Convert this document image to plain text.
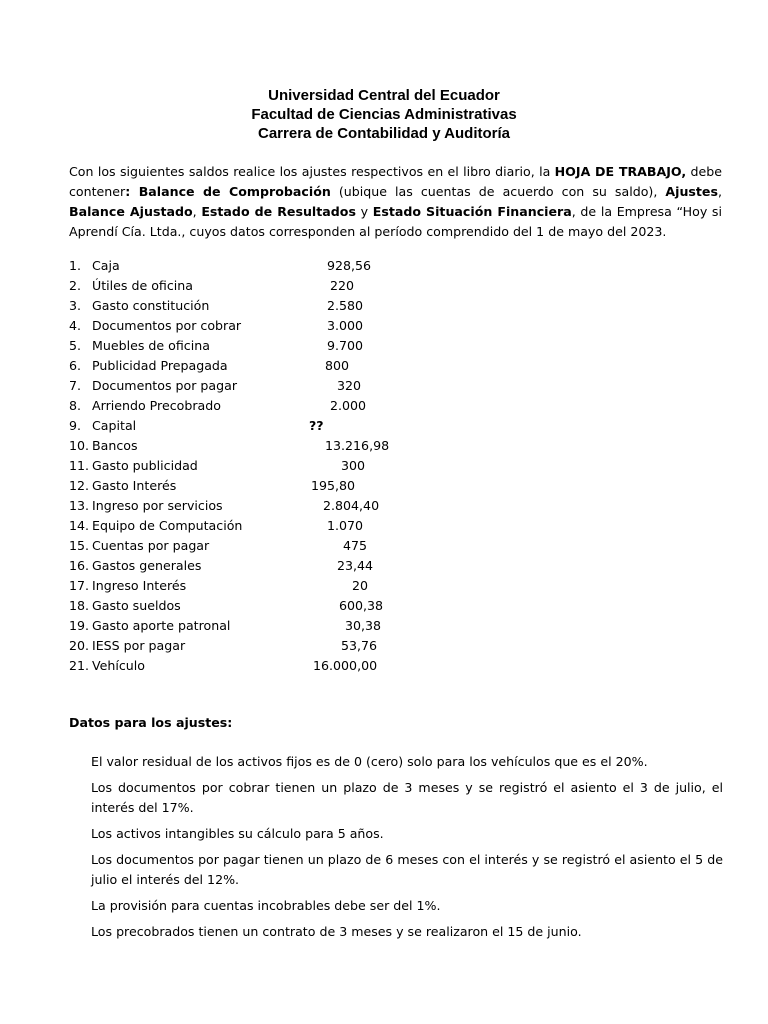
Universidad Central del Ecuador
Facultad de Ciencias Administrativas
Carrera de Contabilidad y Auditoría
Con los siguientes saldos realice los ajustes respectivos en el libro diario, la HOJA DE TRABAJO, debe contener: Balance de Comprobación (ubique las cuentas de acuerdo con su saldo), Ajustes, Balance Ajustado, Estado de Resultados y Estado Situación Financiera, de la Empresa “Hoy si Aprendí Cía. Ltda., cuyos datos corresponden al período comprendido del 1 de mayo del 2023.
1. Caja	928,56
2. Útiles de oficina	220
3. Gasto constitución	2.580
4. Documentos por cobrar	3.000
5. Muebles de oficina	9.700
6. Publicidad Prepagada	800
7. Documentos por pagar	320
8. Arriendo Precobrado	2.000
9. Capital	??
10. Bancos	13.216,98
11. Gasto publicidad	300
12. Gasto Interés	195,80
13. Ingreso por servicios	2.804,40
14. Equipo de Computación	1.070
15. Cuentas por pagar	475
16. Gastos generales	23,44
17. Ingreso Interés	20
18. Gasto sueldos	600,38
19. Gasto aporte patronal	30,38
20. IESS por pagar	53,76
21. Vehículo	16.000,00
Datos para los ajustes:

El valor residual de los activos fijos es de 0 (cero) solo para los vehículos que es el 20%.

Los documentos por cobrar tienen un plazo de 3 meses y se registró el asiento el 3 de julio, el interés del 17%.

Los activos intangibles su cálculo para 5 años.

Los documentos por pagar tienen un plazo de 6 meses con el interés y se registró el asiento el 5 de julio el interés del 12%.

La provisión para cuentas incobrables debe ser del 1%.

Los precobrados tienen un contrato de 3 meses y se realizaron el 15 de junio.
